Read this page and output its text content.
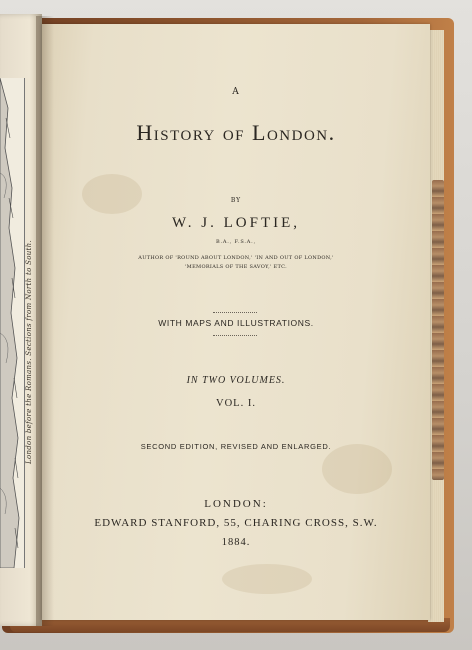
London before the Romans. Sections from North to South.
A
History of London.
BY
W. J. LOFTIE,
B.A., F.S.A.,
AUTHOR OF 'ROUND ABOUT LONDON,' 'IN AND OUT OF LONDON,'
'MEMORIALS OF THE SAVOY,' ETC.
WITH MAPS AND ILLUSTRATIONS.
IN TWO VOLUMES.
VOL. I.
SECOND EDITION, REVISED AND ENLARGED.
LONDON:
EDWARD STANFORD, 55, CHARING CROSS, S.W.
1884.
